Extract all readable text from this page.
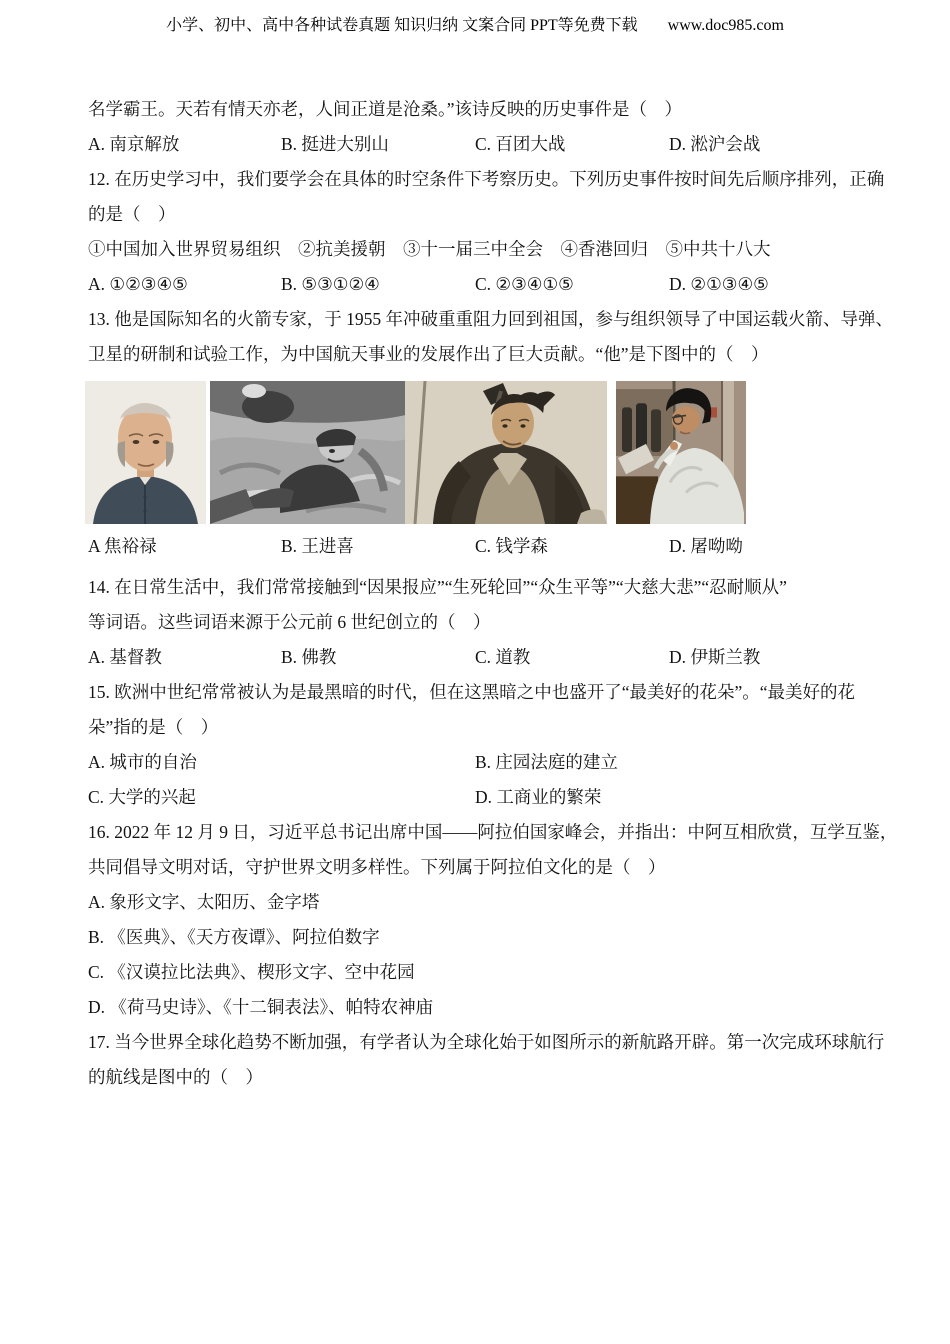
小学、初中、高中各种试卷真题 知识归纳 文案合同 PPT等免费下载 www.doc985.com
名学霸王。天若有情天亦老，人间正道是沧桑。”该诗反映的历史事件是（　）
A. 南京解放	B. 挺进大别山	C. 百团大战	D. 淞沪会战
12. 在历史学习中，我们要学会在具体的时空条件下考察历史。下列历史事件按时间先后顺序排列，正确
的是（　）
①中国加入世界贸易组织　②抗美援朝　③十一届三中全会　④香港回归　⑤中共十八大
A. ①②③④⑤	B. ⑤③①②④	C. ②③④①⑤	D. ②①③④⑤
13. 他是国际知名的火箭专家，于 1955 年冲破重重阻力回到祖国，参与组织领导了中国运载火箭、导弹、
卫星的研制和试验工作，为中国航天事业的发展作出了巨大贡献。“他”是下图中的（　）
A 焦裕禄	B. 王进喜	C. 钱学森	D. 屠呦呦
14. 在日常生活中，我们常常接触到“因果报应”“生死轮回”“众生平等”“大慈大悲”“忍耐顺从”
等词语。这些词语来源于公元前 6 世纪创立的（　）
A. 基督教	B. 佛教	C. 道教	D. 伊斯兰教
15. 欧洲中世纪常常被认为是最黑暗的时代，但在这黑暗之中也盛开了“最美好的花朵”。“最美好的花
朵”指的是（　）
A. 城市的自治	B. 庄园法庭的建立
C. 大学的兴起	D. 工商业的繁荣
16. 2022 年 12 月 9 日，习近平总书记出席中国——阿拉伯国家峰会，并指出：中阿互相欣赏，互学互鉴，
共同倡导文明对话，守护世界文明多样性。下列属于阿拉伯文化的是（　）
A. 象形文字、太阳历、金字塔
B. 《医典》、《天方夜谭》、阿拉伯数字
C. 《汉谟拉比法典》、楔形文字、空中花园
D. 《荷马史诗》、《十二铜表法》、帕特农神庙
17. 当今世界全球化趋势不断加强，有学者认为全球化始于如图所示的新航路开辟。第一次完成环球航行
的航线是图中的（　）
